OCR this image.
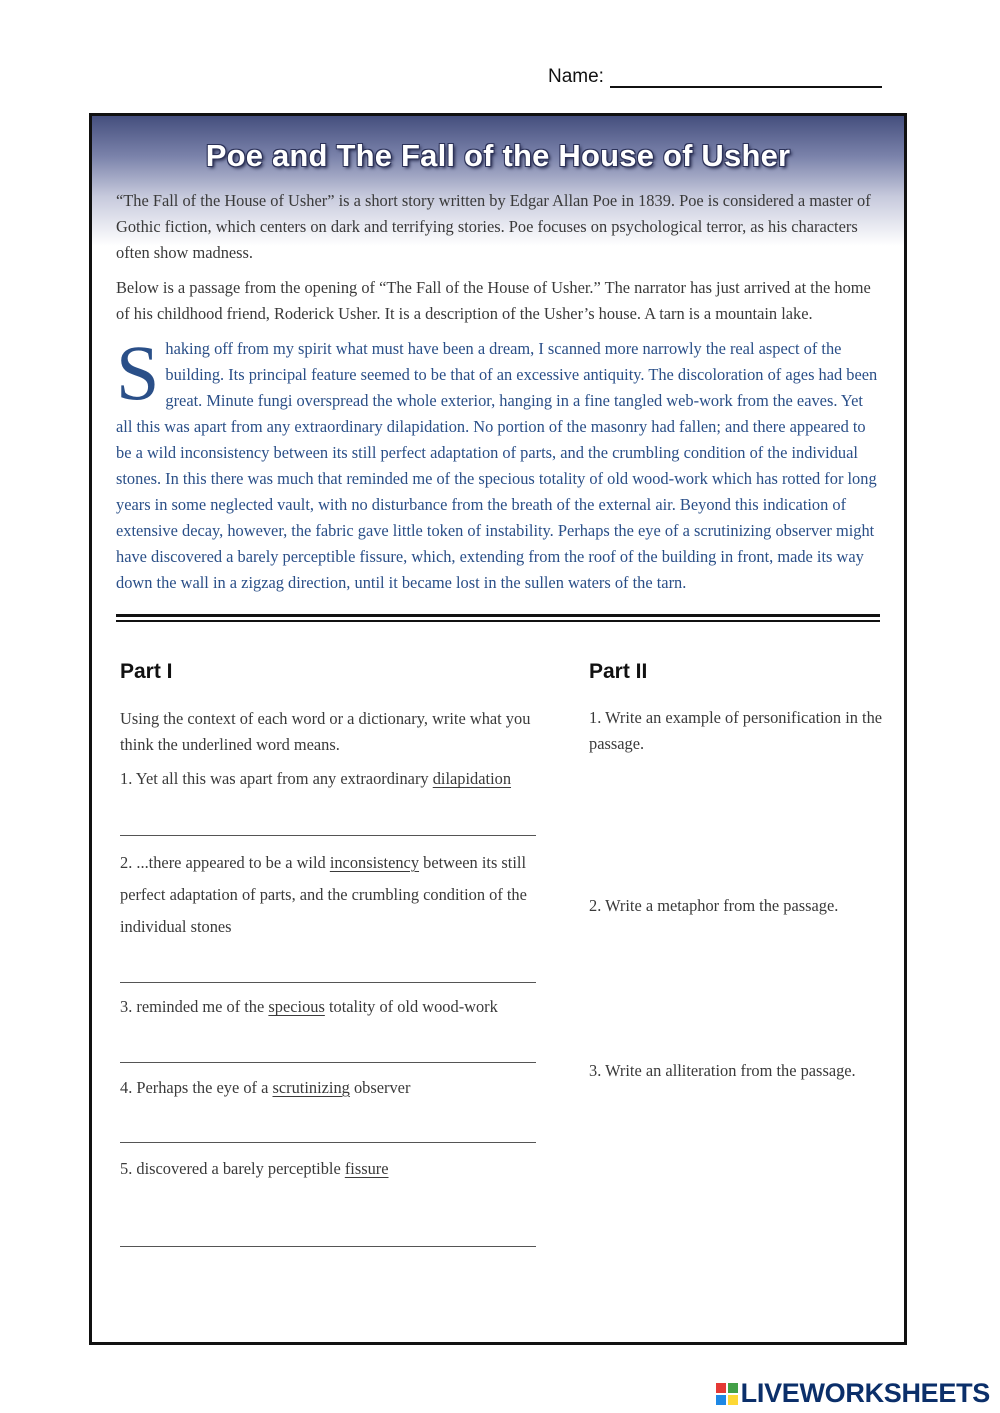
Name:
Poe and The Fall of the House of Usher

“The Fall of the House of Usher” is a short story written by Edgar Allan Poe in 1839. Poe is considered a master of Gothic fiction, which centers on dark and terrifying stories. Poe focuses on psychological terror, as his characters often show madness.

Below is a passage from the opening of “The Fall of the House of Usher.” The narrator has just arrived at the home of his childhood friend, Roderick Usher. It is a description of the Usher’s house. A tarn is a mountain lake.

Shaking off from my spirit what must have been a dream, I scanned more narrowly the real aspect of the building. Its principal feature seemed to be that of an excessive antiquity. The discoloration of ages had been great. Minute fungi overspread the whole exterior, hanging in a fine tangled web-work from the eaves. Yet all this was apart from any extraordinary dilapidation. No portion of the masonry had fallen; and there appeared to be a wild inconsistency between its still perfect adaptation of parts, and the crumbling condition of the individual stones. In this there was much that reminded me of the specious totality of old wood-work which has rotted for long years in some neglected vault, with no disturbance from the breath of the external air. Beyond this indication of extensive decay, however, the fabric gave little token of instability. Perhaps the eye of a scrutinizing observer might have discovered a barely perceptible fissure, which, extending from the roof of the building in front, made its way down the wall in a zigzag direction, until it became lost in the sullen waters of the tarn.

Part I
Using the context of each word or a dictionary, write what you think the underlined word means.
1. Yet all this was apart from any extraordinary dilapidation
2. ...there appeared to be a wild inconsistency between its still perfect adaptation of parts, and the crumbling condition of the individual stones
3. reminded me of the specious totality of old wood-work
4. Perhaps the eye of a scrutinizing observer
5. discovered a barely perceptible fissure
Part II
1. Write an example of personification in the passage.
2. Write a metaphor from the passage.
3. Write an alliteration from the passage.
LIVEWORKSHEETS
